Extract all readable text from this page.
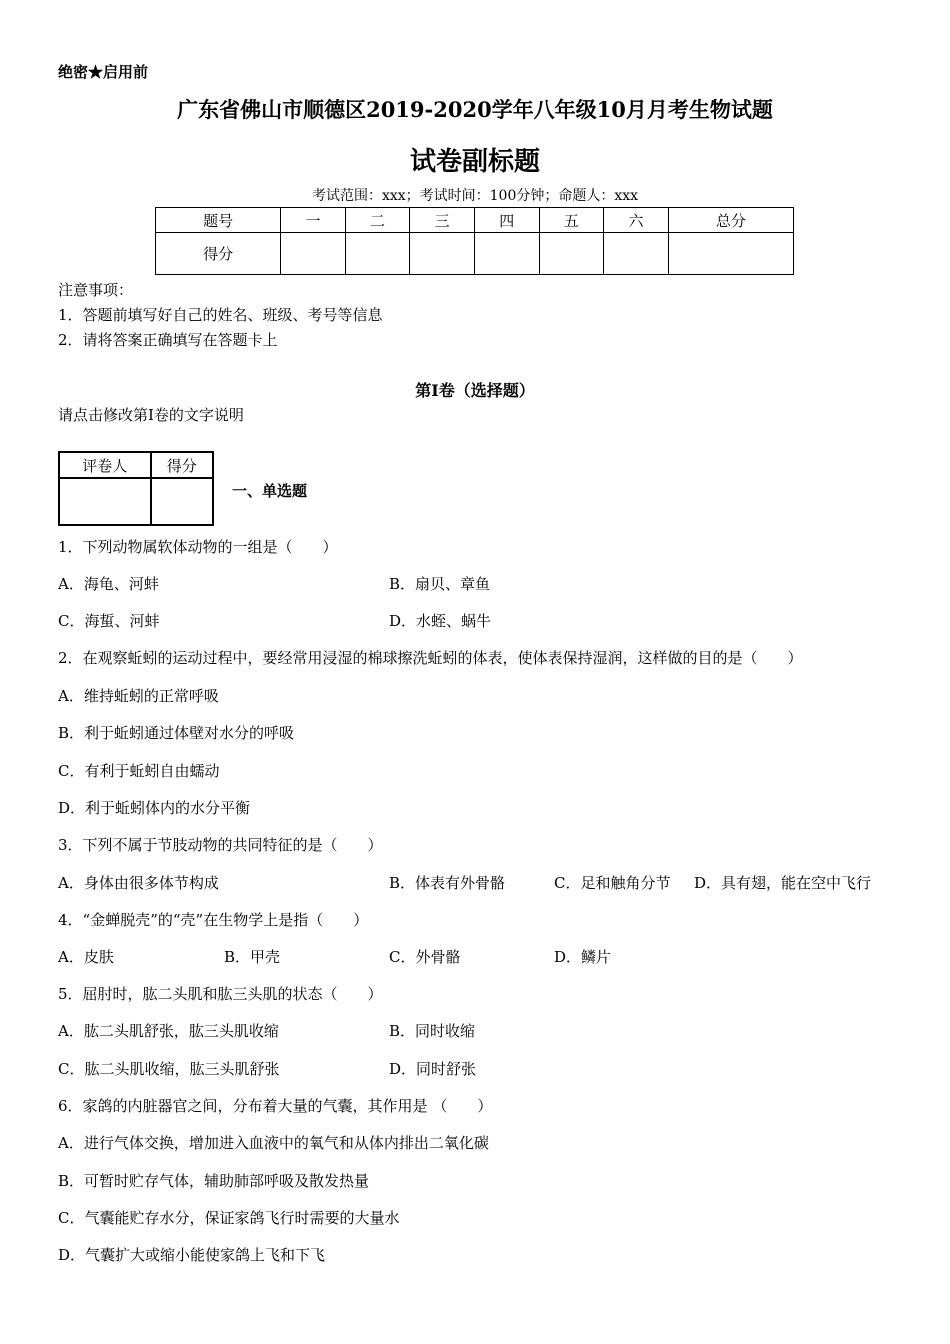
绝密★启用前
广东省佛山市顺德区2019-2020学年八年级10月月考生物试题
试卷副标题
考试范围：xxx；考试时间：100分钟；命题人：xxx
题号	一	二	三	四	五	六	总分
得分							
注意事项：
1．答题前填写好自己的姓名、班级、考号等信息
2．请将答案正确填写在答题卡上
第I卷（选择题）
请点击修改第I卷的文字说明
评卷人	得分

一、单选题
1．下列动物属软体动物的一组是（　　）
A．海龟、河蚌	B．扇贝、章鱼
C．海蜇、河蚌	D．水蛭、蜗牛
2．在观察蚯蚓的运动过程中，要经常用浸湿的棉球擦洗蚯蚓的体表，使体表保持湿润，这样做的目的是（　　）
A．维持蚯蚓的正常呼吸
B．利于蚯蚓通过体壁对水分的呼吸
C．有利于蚯蚓自由蠕动
D．利于蚯蚓体内的水分平衡
3．下列不属于节肢动物的共同特征的是（　　）
A．身体由很多体节构成	B．体表有外骨骼	C．足和触角分节 D．具有翅，能在空中飞行
4．“金蝉脱壳”的“壳”在生物学上是指（　　）
A．皮肤	B．甲壳	C．外骨骼	D．鳞片
5．屈肘时，肱二头肌和肱三头肌的状态（　　）
A．肱二头肌舒张，肱三头肌收缩	B．同时收缩
C．肱二头肌收缩，肱三头肌舒张	D．同时舒张
6．家鸽的内脏器官之间，分布着大量的气囊，其作用是 （　　）
A．进行气体交换，增加进入血液中的氧气和从体内排出二氧化碳
B．可暂时贮存气体，辅助肺部呼吸及散发热量
C．气囊能贮存水分，保证家鸽飞行时需要的大量水
D．气囊扩大或缩小能使家鸽上飞和下飞
